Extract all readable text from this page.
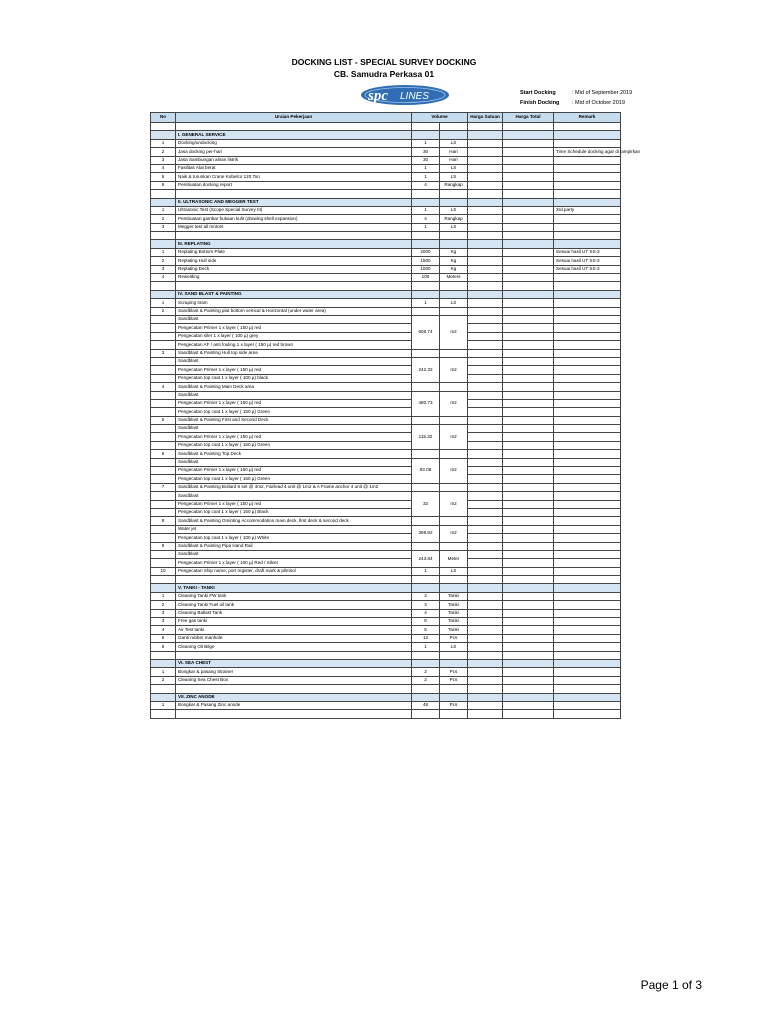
DOCKING LIST - SPECIAL SURVEY DOCKING
CB. Samudra Perkasa 01
spc LINES	Start Docking	: Mid of September 2019
Finish Docking	: Mid of October 2019
No	Uraian Pekerjaan	Volume		Harga Satuan	Harga Total	Remark

	I. GENERAL SERVICE					
1	Docking/undocking	1	LS			
2	Jasa docking per-hari	30	Hari			Time Schedule docking agar di lampirkan
3	Jasa Sambungan aliran listrik	30	Hari			
4	Fasilitas Alat berat	1	LS			
5	Naik & turunkan Crane Kobelco 120 Ton	1	LS			
6	Pembuatan docking report	4	Rangkap			

	II. ULTRASONIC AND MEGGER TEST					
1	Ultrasonic Test (Scope Special Survey III)	1	LS			3rd party
2	Pembuatan gambar bukaan kulit (drawing shell expansion)	4	Rangkap			
3	Megger test all motors	1	LS			

	III. REPLATING					
1	Replating Bottom Plate	2000	Kg			Sesuai hasil UT SS-3
2	Replating Hull side	1500	Kg			Sesuai hasil UT SS-3
3	Replating Deck	1000	Kg			Sesuai hasil UT SS-3
4	Rewelding	100	Meters			

	IV. SAND BLAST & PAINTING					
1	Scraping tiram	1	LS			
2	Sandblast & Painting plat bottom vertical & Horizontal (under water area)					
	Sandblast	606.74	m2			
	Pengecatan Primer 1 x layer ( 150 µ) red					
	Pengecatan siler 1 x layer ( 100 µ) grey					
	Pengecatan AF / anti fouling 1 x layer ( 150 µ) red brown					
3	Sandblast & Painting Hull top side area					
	Sandblast	242.32	m2			
	Pengecatan Primer 1 x layer ( 150 µ) red					
	Pengecatan top coat 1 x layer ( 100 µ) black					
4	Sandblast & Painting Main Deck area					
	Sandblast	480.73	m2			
	Pengecatan Primer 1 x layer ( 150 µ) red					
	Pengecatan top coat 1 x layer ( 150 µ) Green					
5	Sandblast & Painting First and Second Deck					
	Sandblast	115.32	m2			
	Pengecatan Primer 1 x layer ( 150 µ) red					
	Pengecatan top coat 1 x layer ( 150 µ) Green					
6	Sandblast & Painting Top Deck					
	Sandblast	83.08	m2			
	Pengecatan Primer 1 x layer ( 150 µ) red					
	Pengecatan top coat 1 x layer ( 150 µ) Green					
7	Sandblast & Painting Bollard 6 set @ 4m2, Fairlead 4 unit @ 1m2 & A Frame anchor 4 unit @ 1m2					
	Sandblast	32	m2			
	Pengecatan Primer 1 x layer ( 150 µ) red					
	Pengecatan top coat 1 x layer ( 150 µ) Black					
8	Sandblast & Painting Ominting Accommodation main deck, first deck & second deck					
	Water jet	398.82	m2			
	Pengecatan top coat 1 x layer ( 100 µ) White					
9	Sandblast & Painting Pipa Hand Rail					
	Sandblast	243.84	Meter			
	Pengecatan Primer 1 x layer ( 100 µ) Red / Silver					
10	Pengecatan Ship name, port register, draft mark & plimsol	1	LS			

	V. TANKI - TANKI					
1	Cleaning Tanki FW tank	2	Tanki			
2	Cleaning Tanki Fuel oil tank	3	Tanki			
3	Cleaning Ballast Tank	4	Tanki			
3	Free gas tanki	8	Tanki			
4	Air Test tanki	5	Tanki			
5	Ganti rubber manhole	12	Pcs			
6	Cleaning Oil Bilge	1	LS			

	VI. SEA CHEST					
1	Bongkar & pasang Strainer	2	Pcs			
2	Cleaning Sea Chest Box	2	Pcs			

	VII. ZINC ANODE					
1	Bongkar & Pasang Zinc anode	48	Pcs			

Page 1 of 3
